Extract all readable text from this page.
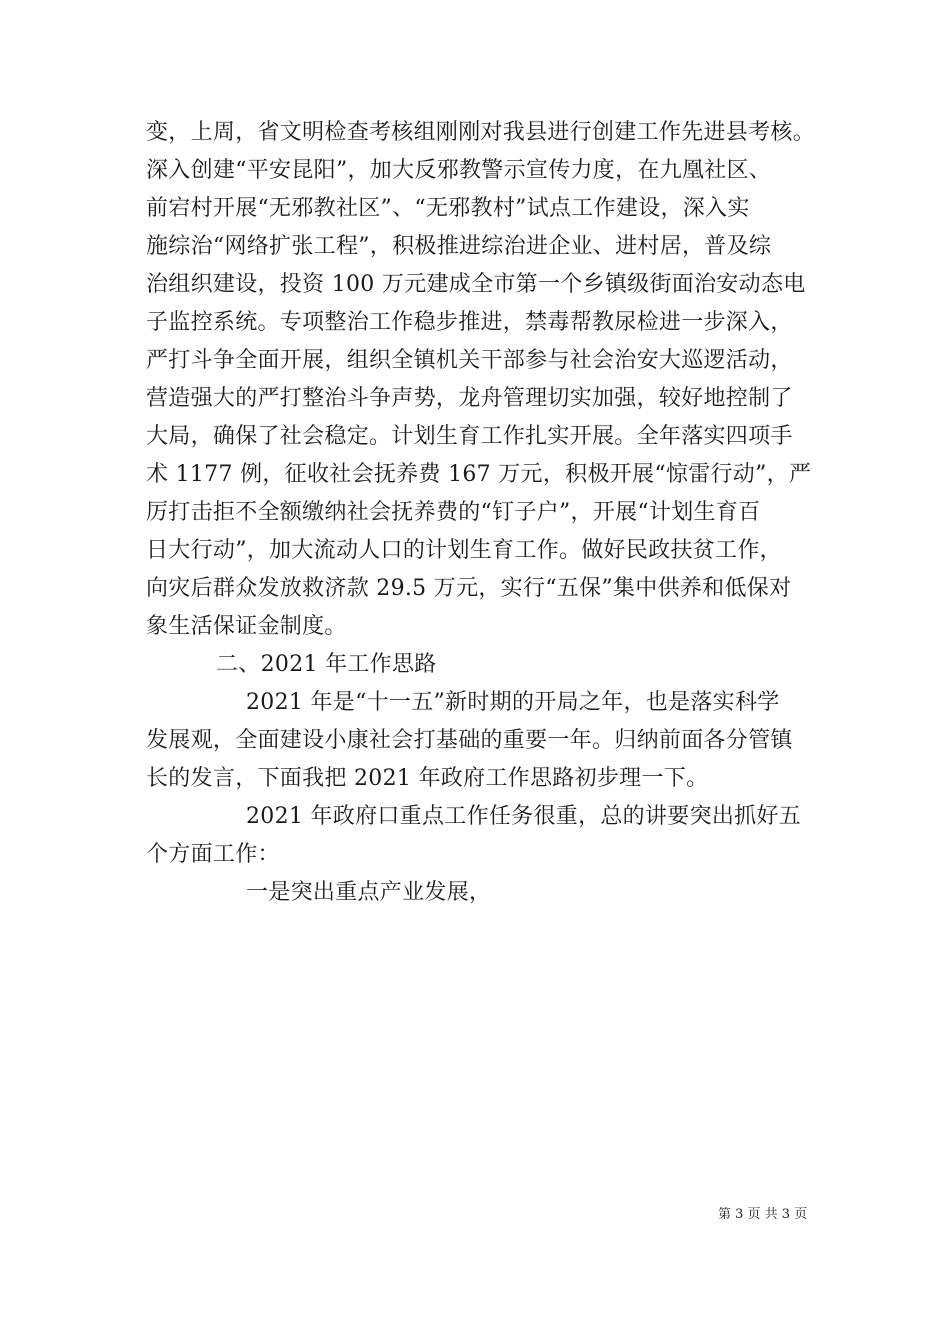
变，上周，省文明检查考核组刚刚对我县进行创建工作先进县考核。
深入创建“平安昆阳”，加大反邪教警示宣传力度，在九凰社区、
前宕村开展“无邪教社区”、“无邪教村”试点工作建设，深入实
施综治“网络扩张工程”，积极推进综治进企业、进村居，普及综
治组织建设，投资 100 万元建成全市第一个乡镇级街面治安动态电
子监控系统。专项整治工作稳步推进，禁毒帮教尿检进一步深入，
严打斗争全面开展，组织全镇机关干部参与社会治安大巡逻活动，
营造强大的严打整治斗争声势，龙舟管理切实加强，较好地控制了
大局，确保了社会稳定。计划生育工作扎实开展。全年落实四项手
术 1177 例，征收社会抚养费 167 万元，积极开展“惊雷行动”，严
厉打击拒不全额缴纳社会抚养费的“钉子户”，开展“计划生育百
日大行动”，加大流动人口的计划生育工作。做好民政扶贫工作，
向灾后群众发放救济款 29.5 万元，实行“五保”集中供养和低保对
象生活保证金制度。
二、2021 年工作思路
2021 年是“十一五”新时期的开局之年，也是落实科学
发展观，全面建设小康社会打基础的重要一年。归纳前面各分管镇
长的发言，下面我把 2021 年政府工作思路初步理一下。
2021 年政府口重点工作任务很重，总的讲要突出抓好五
个方面工作：
一是突出重点产业发展，
第 3 页 共 3 页
